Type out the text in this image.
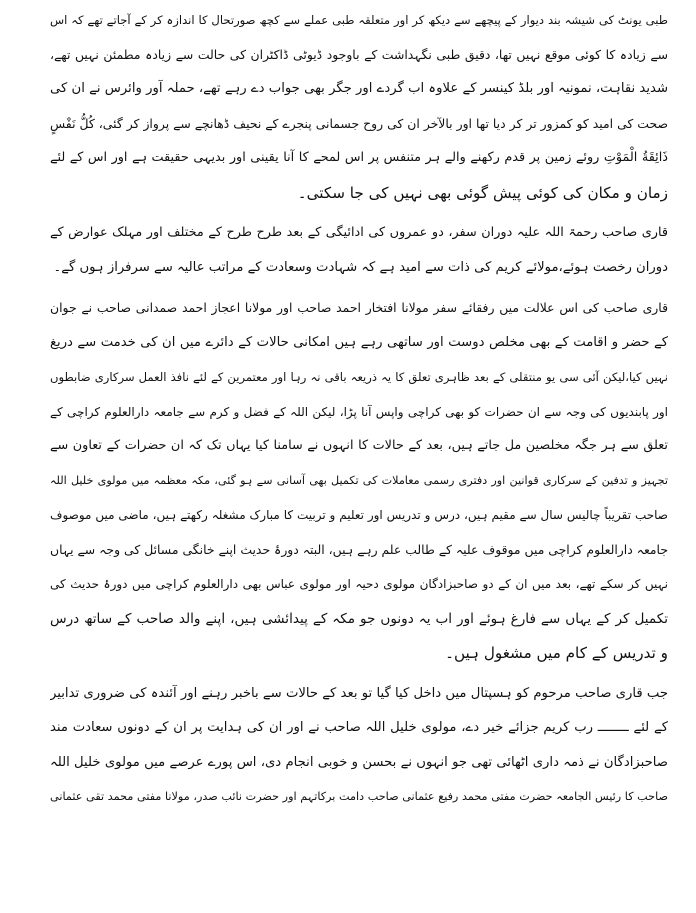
طبی یونٹ کی شیشہ بند دیوار کے پیچھے سے دیکھ کر اور متعلقہ طبی عملے سے کچھ صورتحال کا اندازہ کر کے آجاتے تھے کہ اس
سے زیادہ کا کوئی موقع نہیں تھا، دقیق طبی نگہداشت کے باوجود ڈیوٹی ڈاکٹران کی حالت سے زیادہ مطمئن نہیں تھے،
شدید نقاہت، نمونیہ اور بلڈ کینسر کے علاوہ اب گردے اور جگر بھی جواب دے رہے تھے، حملہ آور وائرس نے ان کی
صحت کی امید کو کمزور تر کر دیا تھا اور بالآخر ان کی روح جسمانی پنجرے کے نحیف ڈھانچے سے پرواز کر گئی، کُلُّ نَفْسٍ
ذَائِقَةُ الْمَوْتِ روئے زمین پر قدم رکھنے والے ہر متنفس پر اس لمحے کا آنا یقینی اور بدیہی حقیقت ہے اور اس کے لئے
زمان و مکان کی کوئی پیش گوئی بھی نہیں کی جا سکتی۔
قاری صاحب رحمۃ اللہ علیہ دوران سفر، دو عمروں کی ادائیگی کے بعد طرح طرح کے مختلف اور مہلک عوارض کے
دوران رخصت ہوئے،مولائے کریم کی ذات سے امید ہے کہ شہادت وسعادت کے مراتب عالیہ سے سرفراز ہوں گے۔
قاری صاحب کی اس علالت میں رفقائے سفر مولانا افتخار احمد صاحب اور مولانا اعجاز احمد صمدانی صاحب نے جوان
کے حضر و اقامت کے بھی مخلص دوست اور ساتھی رہے ہیں امکانی حالات کے دائرے میں ان کی خدمت سے دریغ
نہیں کیا،لیکن آئی سی یو منتقلی کے بعد ظاہری تعلق کا یہ ذریعہ باقی نہ رہا اور معتمرین کے لئے نافذ العمل سرکاری ضابطوں
اور پابندیوں کی وجہ سے ان حضرات کو بھی کراچی واپس آنا پڑا، لیکن اللہ کے فضل و کرم سے جامعہ دارالعلوم کراچی کے
تعلق سے ہر جگہ مخلصین مل جاتے ہیں، بعد کے حالات کا انہوں نے سامنا کیا یہاں تک کہ ان حضرات کے تعاون سے
تجہیز و تدفین کے سرکاری قوانین اور دفتری رسمی معاملات کی تکمیل بھی آسانی سے ہو گئی، مکہ معظمہ میں مولوی خلیل اللہ
صاحب تقریباً چالیس سال سے مقیم ہیں، درس و تدریس اور تعلیم و تربیت کا مبارک مشغلہ رکھتے ہیں، ماضی میں موصوف
جامعہ دارالعلوم کراچی میں موقوف علیہ کے طالب علم رہے ہیں، البتہ دورۂ حدیث اپنے خانگی مسائل کی وجہ سے یہاں
نہیں کر سکے تھے، بعد میں ان کے دو صاحبزادگان مولوی دحیہ اور مولوی عباس بھی دارالعلوم کراچی میں دورۂ حدیث کی
تکمیل کر کے یہاں سے فارغ ہوئے اور اب یہ دونوں جو مکہ کے پیدائشی ہیں، اپنے والد صاحب کے ساتھ درس
و تدریس کے کام میں مشغول ہیں۔
جب قاری صاحب مرحوم کو ہسپتال میں داخل کیا گیا تو بعد کے حالات سے باخبر رہنے اور آئندہ کی ضروری تدابیر
کے لئے ــــــــ رب کریم جزائے خیر دے، مولوی خلیل اللہ صاحب نے اور ان کی ہدایت پر ان کے دونوں سعادت مند
صاحبزادگان نے ذمہ داری اٹھائی تھی جو انہوں نے بحسن و خوبی انجام دی، اس پورے عرصے میں مولوی خلیل اللہ
صاحب کا رئیس الجامعہ حضرت مفتی محمد رفیع عثمانی صاحب دامت برکاتہم اور حضرت نائب صدر، مولانا مفتی محمد تقی عثمانی
